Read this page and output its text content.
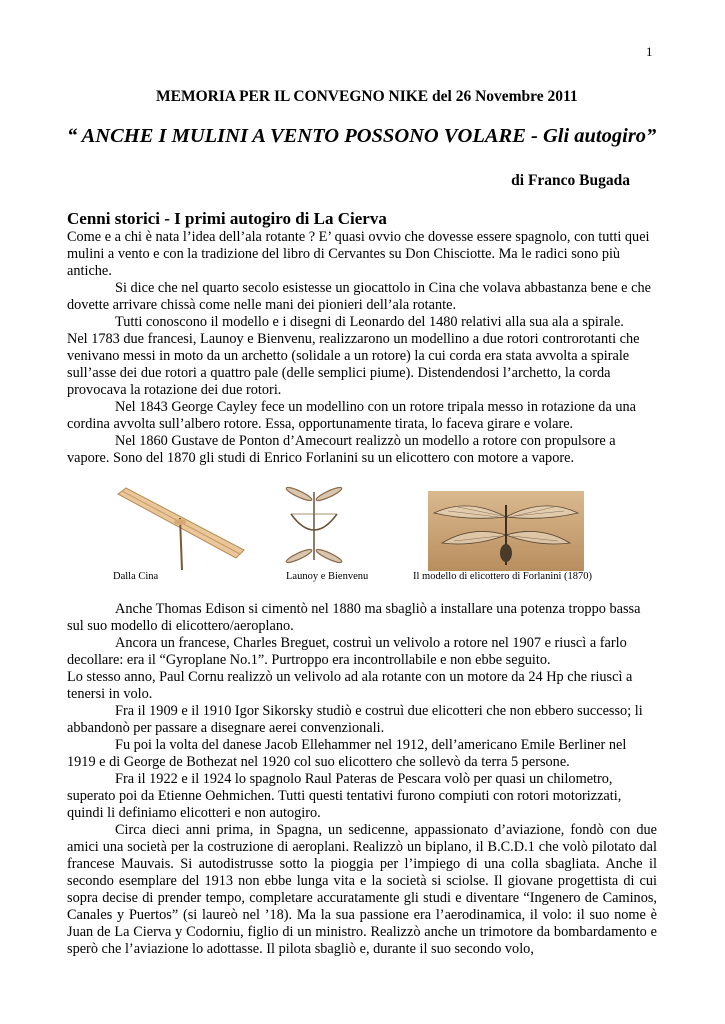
1
MEMORIA PER IL CONVEGNO NIKE del 26 Novembre 2011
“ ANCHE I MULINI A VENTO POSSONO VOLARE - Gli autogiro”
di Franco Bugada
Cenni storici - I primi autogiro di La Cierva

Come e a chi è nata l’idea dell’ala rotante ? E’ quasi ovvio che dovesse essere spagnolo, con tutti quei mulini a vento e con la tradizione del libro di Cervantes su Don Chisciotte. Ma le radici sono più antiche.

Si dice che nel quarto secolo esistesse un giocattolo in Cina che volava abbastanza bene e che dovette arrivare chissà come nelle mani dei pionieri dell’ala rotante.

Tutti conoscono il modello e i disegni di Leonardo del 1480 relativi alla sua ala a spirale.

Nel 1783 due francesi, Launoy e Bienvenu, realizzarono un modellino a due rotori controrotanti che venivano messi in moto da un archetto (solidale a un rotore) la cui corda era stata avvolta a spirale sull’asse dei due rotori a quattro pale (delle semplici piume). Distendendosi l’archetto, la corda provocava la rotazione dei due rotori.

Nel 1843 George Cayley fece un modellino con un rotore tripala messo in rotazione da una cordina avvolta sull’albero rotore. Essa, opportunamente tirata, lo faceva girare e volare.

Nel 1860 Gustave de Ponton d’Amecourt realizzò un modello a rotore con propulsore a vapore. Sono del 1870 gli studi di Enrico Forlanini su un elicottero con motore a vapore.

Dalla Cina	Launoy e Bienvenu	Il modello di elicottero di Forlanini (1870)

Anche Thomas Edison si cimentò nel 1880 ma sbagliò a installare una potenza troppo bassa sul suo modello di elicottero/aeroplano.

Ancora un francese, Charles Breguet, costruì un velivolo a rotore nel 1907 e riuscì a farlo decollare: era il “Gyroplane No.1”. Purtroppo era incontrollabile e non ebbe seguito.

Lo stesso anno, Paul Cornu realizzò un velivolo ad ala rotante con un motore da 24 Hp che riuscì a tenersi in volo.

Fra il 1909 e il 1910 Igor Sikorsky studiò e costruì due elicotteri che non ebbero successo; li abbandonò per passare a disegnare aerei convenzionali.

Fu poi la volta del danese Jacob Ellehammer nel 1912, dell’americano Emile Berliner nel 1919 e di George de Bothezat nel 1920 col suo elicottero che sollevò da terra 5 persone.

Fra il 1922 e il 1924 lo spagnolo Raul Pateras de Pescara volò per quasi un chilometro, superato poi da Etienne Oehmichen. Tutti questi tentativi furono compiuti con rotori motorizzati, quindi li definiamo elicotteri e non autogiro.

Circa dieci anni prima, in Spagna, un sedicenne, appassionato d’aviazione, fondò con due amici una società per la costruzione di aeroplani. Realizzò un biplano, il B.C.D.1 che volò pilotato dal francese Mauvais. Si autodistrusse sotto la pioggia per l’impiego di una colla sbagliata. Anche il secondo esemplare del 1913 non ebbe lunga vita e la società si sciolse. Il giovane progettista di cui sopra decise di prender tempo, completare accuratamente gli studi e diventare “Ingenero de Caminos, Canales y Puertos” (si laureò nel ’18). Ma la sua passione era l’aerodinamica, il volo: il suo nome è Juan de La Cierva y Codorniu, figlio di un ministro. Realizzò anche un trimotore da bombardamento e sperò che l’aviazione lo adottasse. Il pilota sbagliò e, durante il suo secondo volo,
